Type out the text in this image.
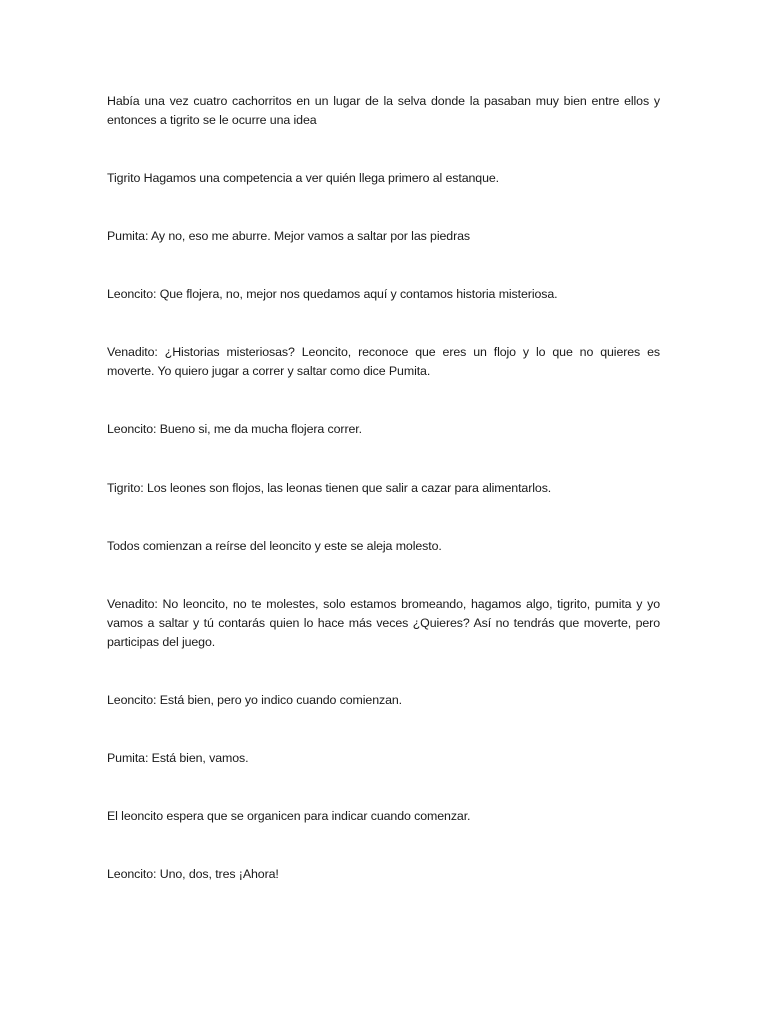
Había una vez cuatro cachorritos en un lugar de la selva donde la pasaban muy bien entre ellos y entonces a tigrito se le ocurre una idea

Tigrito Hagamos una competencia a ver quién llega primero al estanque.

Pumita: Ay no, eso me aburre. Mejor vamos a saltar por las piedras

Leoncito: Que flojera, no, mejor nos quedamos aquí y contamos historia misteriosa.

Venadito: ¿Historias misteriosas? Leoncito, reconoce que eres un flojo y lo que no quieres es moverte. Yo quiero jugar a correr y saltar como dice Pumita.

Leoncito: Bueno si, me da mucha flojera correr.

Tigrito: Los leones son flojos, las leonas tienen que salir a cazar para alimentarlos.

Todos comienzan a reírse del leoncito y este se aleja molesto.

Venadito: No leoncito, no te molestes, solo estamos bromeando, hagamos algo, tigrito, pumita y yo vamos a saltar y tú contarás quien lo hace más veces ¿Quieres? Así no tendrás que moverte, pero participas del juego.

Leoncito: Está bien, pero yo indico cuando comienzan.

Pumita: Está bien, vamos.

El leoncito espera que se organicen para indicar cuando comenzar.

Leoncito: Uno, dos, tres ¡Ahora!
